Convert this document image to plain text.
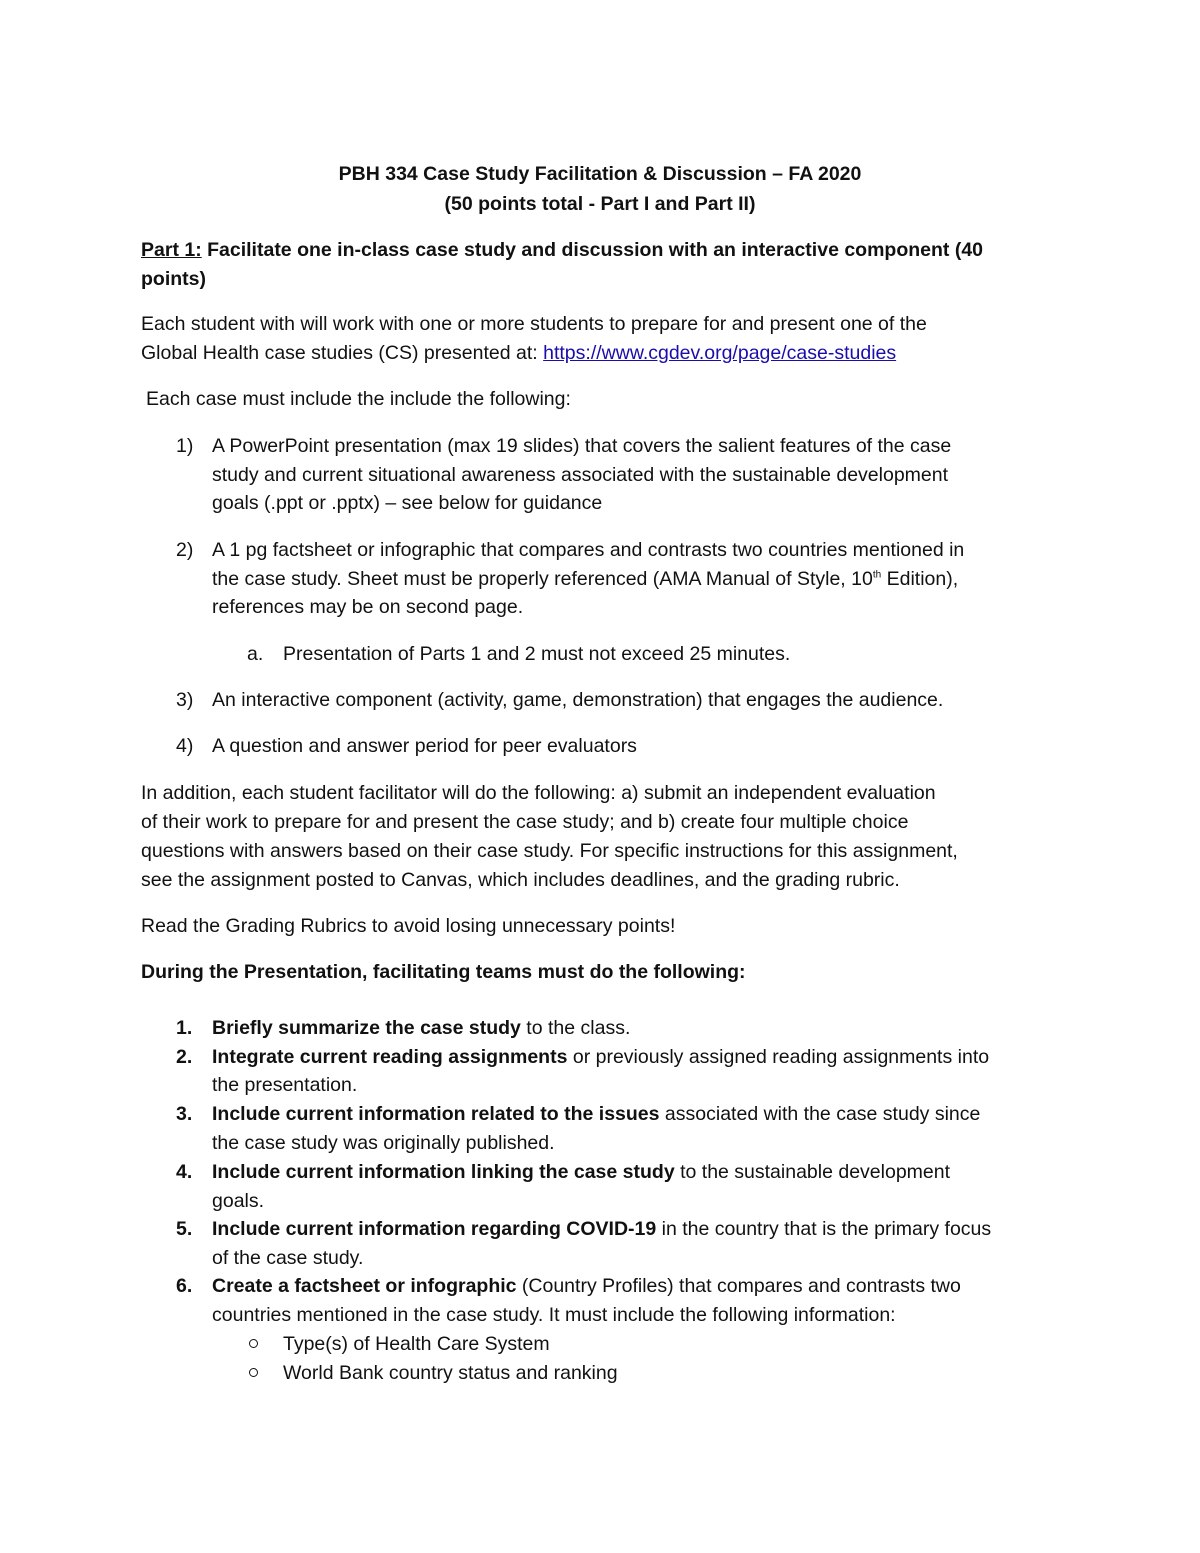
PBH 334 Case Study Facilitation & Discussion – FA 2020
(50 points total - Part I and Part II)
Part 1: Facilitate one in-class case study and discussion with an interactive component (40
points)
Each student with will work with one or more students to prepare for and present one of the
Global Health case studies (CS) presented at: https://www.cgdev.org/page/case-studies
Each case must include the include the following:
1) A PowerPoint presentation (max 19 slides) that covers the salient features of the case
study and current situational awareness associated with the sustainable development
goals (.ppt or .pptx) – see below for guidance
2) A 1 pg factsheet or infographic that compares and contrasts two countries mentioned in
the case study. Sheet must be properly referenced (AMA Manual of Style, 10th Edition),
references may be on second page.
a. Presentation of Parts 1 and 2 must not exceed 25 minutes.
3) An interactive component (activity, game, demonstration) that engages the audience.
4) A question and answer period for peer evaluators
In addition, each student facilitator will do the following: a) submit an independent evaluation
of their work to prepare for and present the case study; and b) create four multiple choice
questions with answers based on their case study. For specific instructions for this assignment,
see the assignment posted to Canvas, which includes deadlines, and the grading rubric.
Read the Grading Rubrics to avoid losing unnecessary points!
During the Presentation, facilitating teams must do the following:
1. Briefly summarize the case study to the class.
2. Integrate current reading assignments or previously assigned reading assignments into
the presentation.
3. Include current information related to the issues associated with the case study since
the case study was originally published.
4. Include current information linking the case study to the sustainable development
goals.
5. Include current information regarding COVID-19 in the country that is the primary focus
of the case study.
6. Create a factsheet or infographic (Country Profiles) that compares and contrasts two
countries mentioned in the case study. It must include the following information:
Type(s) of Health Care System
World Bank country status and ranking
